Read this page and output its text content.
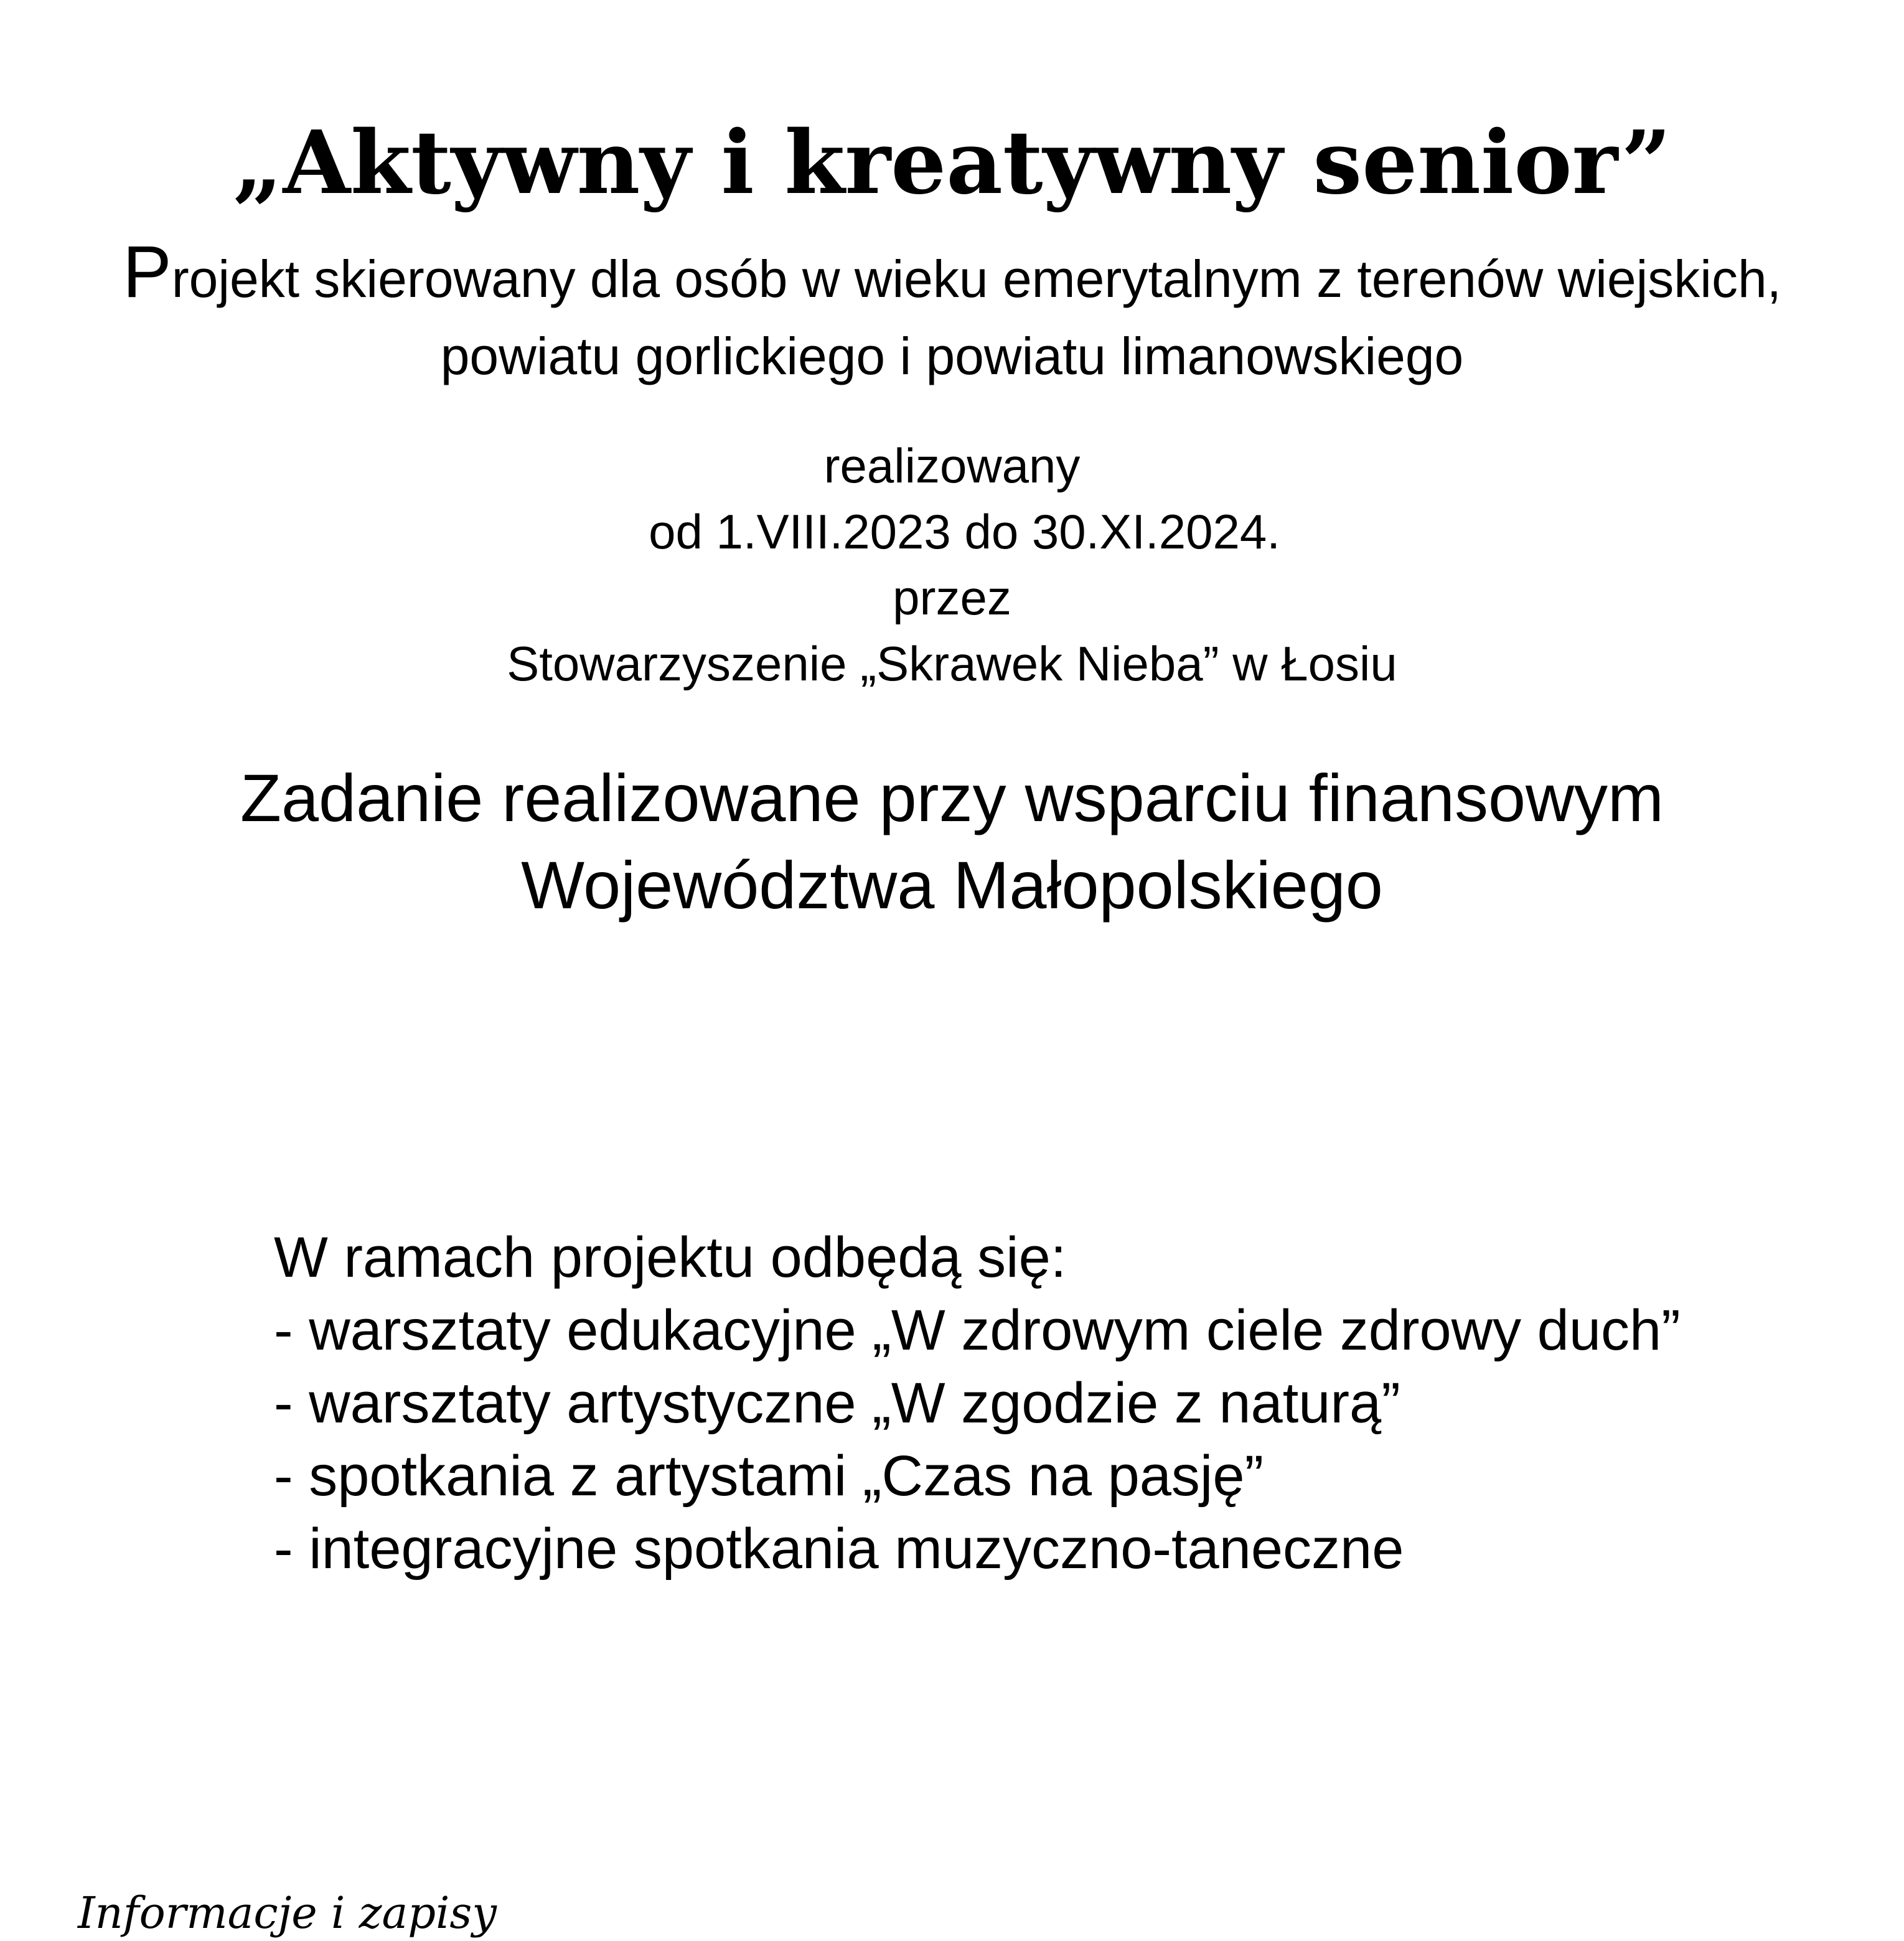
„Aktywny i kreatywny senior”
Projekt skierowany dla osób w wieku emerytalnym z terenów wiejskich,
powiatu gorlickiego i powiatu limanowskiego
realizowany
od 1.VIII.2023 do 30.XI.2024.
przez
Stowarzyszenie „Skrawek Nieba” w Łosiu
Zadanie realizowane przy wsparciu finansowym
Województwa Małopolskiego
W ramach projektu odbędą się:
- warsztaty edukacyjne „W zdrowym ciele zdrowy duch”
- warsztaty artystyczne „W zgodzie z naturą”
- spotkania z artystami „Czas na pasję”
- integracyjne spotkania muzyczno-taneczne
Informacje i zapisy
